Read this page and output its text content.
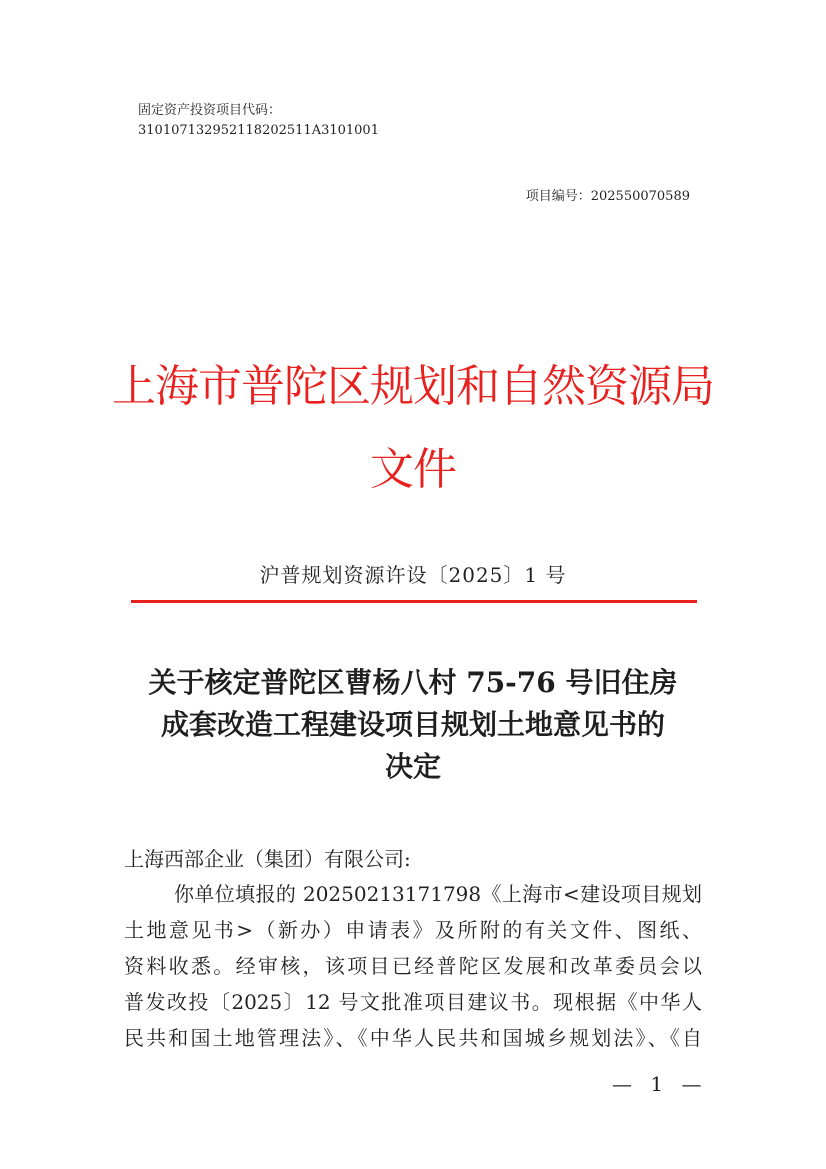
固定资产投资项目代码：
310107132952118202511A3101001
项目编号：202550070589
上海市普陀区规划和自然资源局
文件
沪普规划资源许设〔2025〕1 号
关于核定普陀区曹杨八村 75-76 号旧住房
成套改造工程建设项目规划土地意见书的
决定
上海西部企业（集团）有限公司:
你单位填报的 20250213171798《上海市<建设项目规划
土地意见书>（新办）申请表》及所附的有关文件、图纸、
资料收悉。经审核，该项目已经普陀区发展和改革委员会以
普发改投〔2025〕12 号文批准项目建议书。现根据《中华人
民共和国土地管理法》、《中华人民共和国城乡规划法》、《自
— 1 —
